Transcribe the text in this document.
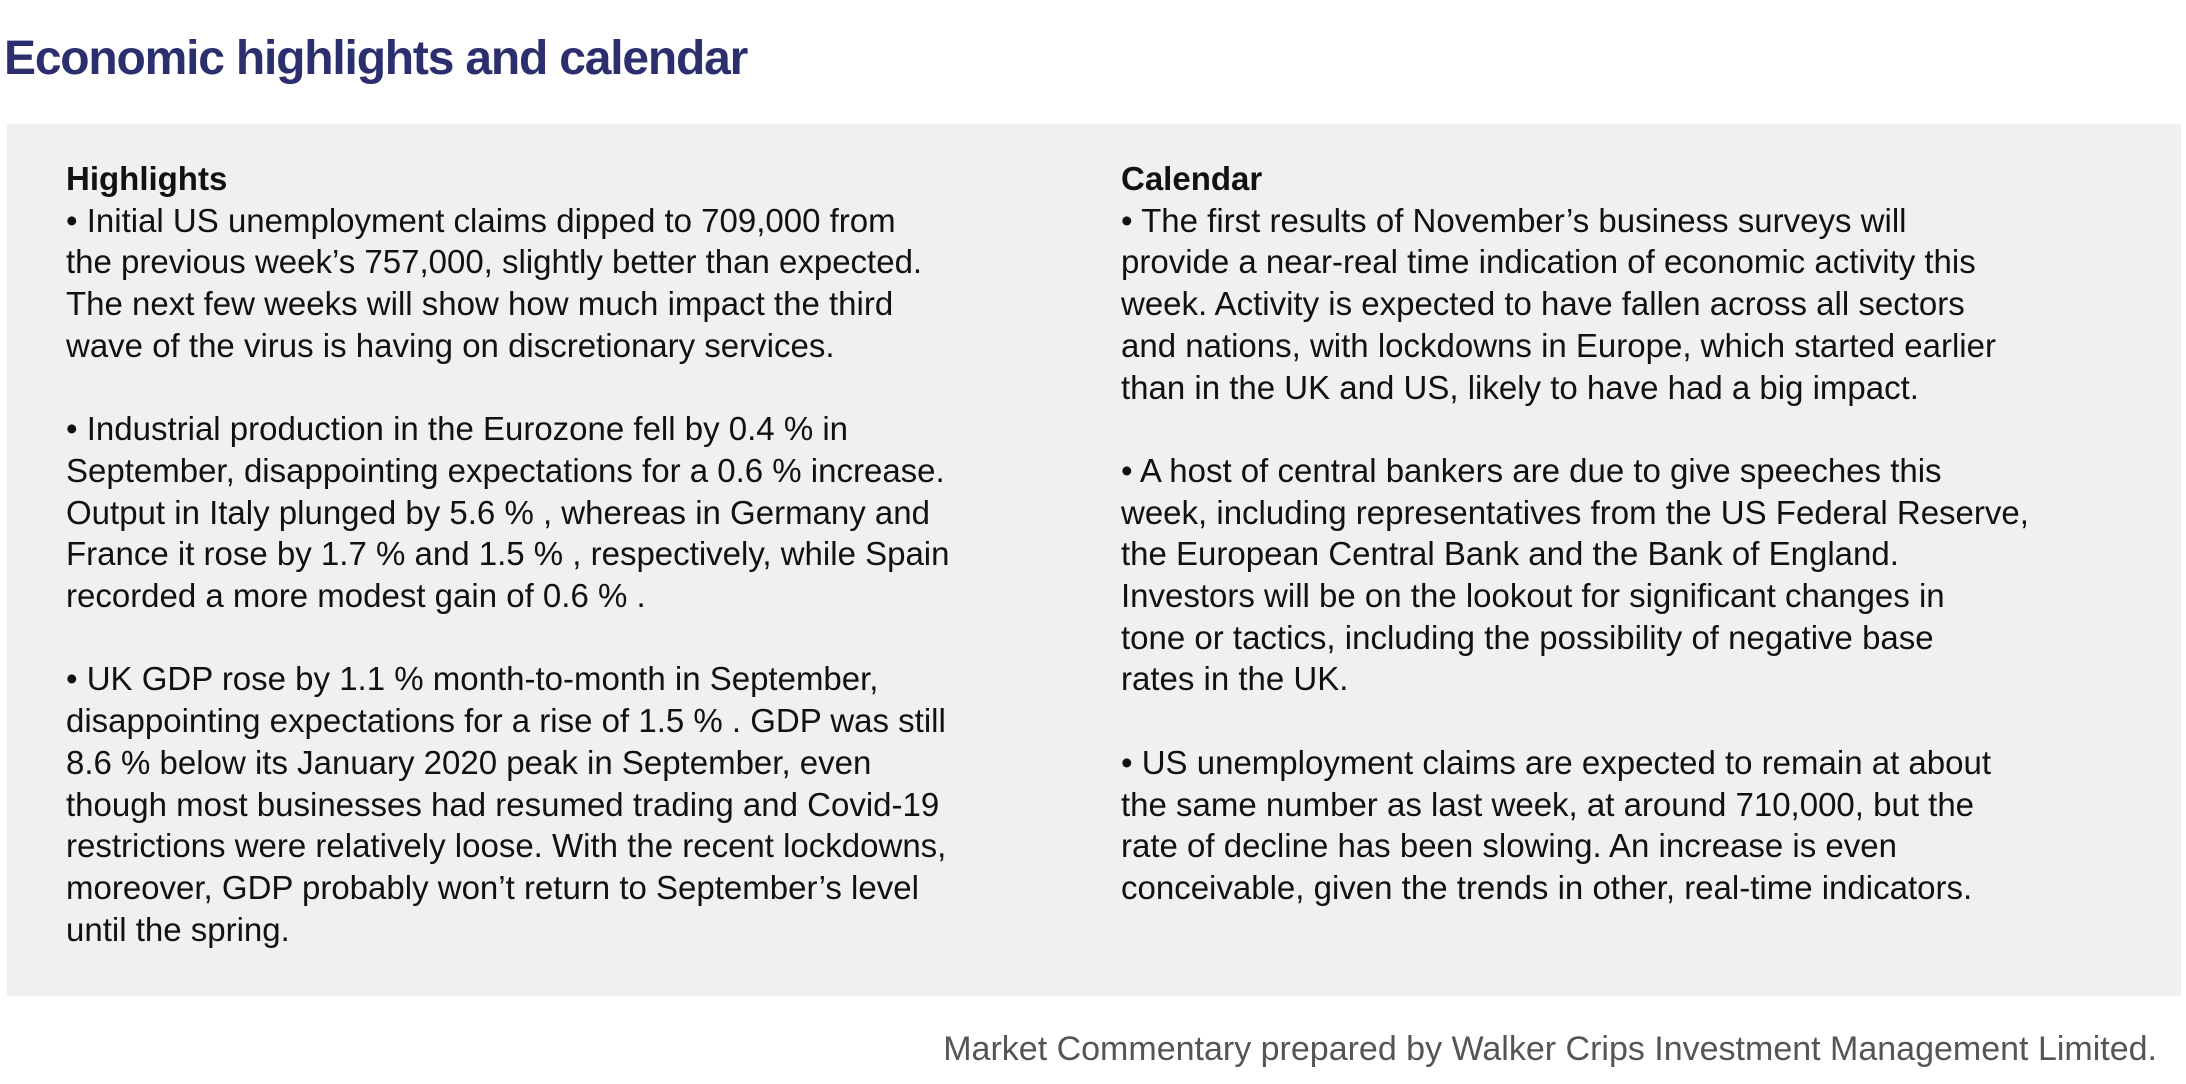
Economic highlights and calendar
Highlights

• Initial US unemployment claims dipped to 709,000 from
the previous week’s 757,000, slightly better than expected.
The next few weeks will show how much impact the third
wave of the virus is having on discretionary services.

• Industrial production in the Eurozone fell by 0.4 % in
September, disappointing expectations for a 0.6 % increase.
Output in Italy plunged by 5.6 % , whereas in Germany and
France it rose by 1.7 % and 1.5 % , respectively, while Spain
recorded a more modest gain of 0.6 % .

• UK GDP rose by 1.1 % month-to-month in September,
disappointing expectations for a rise of 1.5 % . GDP was still
8.6 % below its January 2020 peak in September, even
though most businesses had resumed trading and Covid-19
restrictions were relatively loose. With the recent lockdowns,
moreover, GDP probably won’t return to September’s level
until the spring.

Calendar

• The first results of November’s business surveys will
provide a near-real time indication of economic activity this
week. Activity is expected to have fallen across all sectors
and nations, with lockdowns in Europe, which started earlier
than in the UK and US, likely to have had a big impact.

• A host of central bankers are due to give speeches this
week, including representatives from the US Federal Reserve,
the European Central Bank and the Bank of England.
Investors will be on the lookout for significant changes in
tone or tactics, including the possibility of negative base
rates in the UK.

• US unemployment claims are expected to remain at about
the same number as last week, at around 710,000, but the
rate of decline has been slowing. An increase is even
conceivable, given the trends in other, real-time indicators.

Market Commentary prepared by Walker Crips Investment Management Limited.
